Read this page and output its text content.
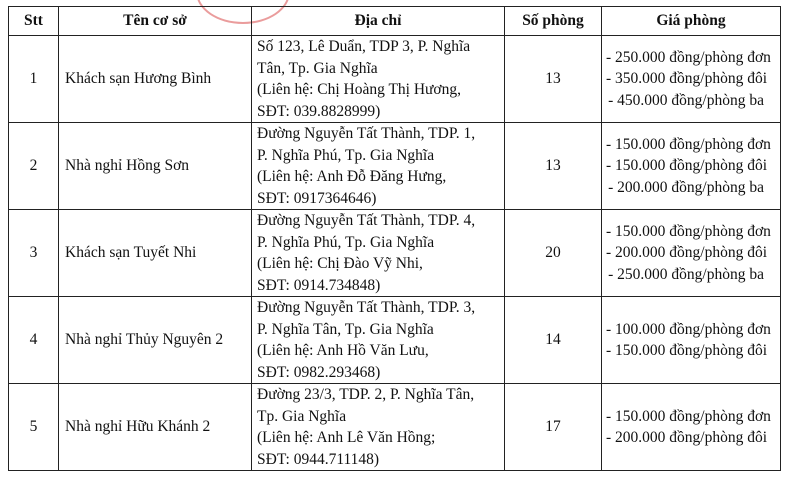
Stt	Tên cơ sở	Địa chỉ	Số phòng	Giá phòng
1	Khách sạn Hương Bình	Số 123, Lê Duẩn, TDP 3, P. Nghĩa
Tân, Tp. Gia Nghĩa
(Liên hệ: Chị Hoàng Thị Hương,
SĐT: 039.8828999)	13	- 250.000 đồng/phòng đơn
- 350.000 đồng/phòng đôi
- 450.000 đồng/phòng ba

2	Nhà nghỉ Hồng Sơn	Đường Nguyễn Tất Thành, TDP. 1,
P. Nghĩa Phú, Tp. Gia Nghĩa
(Liên hệ: Anh Đỗ Đăng Hưng,
SĐT: 0917364646)	13	- 150.000 đồng/phòng đơn
- 150.000 đồng/phòng đôi
- 200.000 đồng/phòng ba

3	Khách sạn Tuyết Nhi	Đường Nguyễn Tất Thành, TDP. 4,
P. Nghĩa Phú, Tp. Gia Nghĩa
(Liên hệ: Chị Đào Vỹ Nhi,
SĐT: 0914.734848)	20	- 150.000 đồng/phòng đơn
- 200.000 đồng/phòng đôi
- 250.000 đồng/phòng ba

4	Nhà nghỉ Thủy Nguyên 2	Đường Nguyễn Tất Thành, TDP. 3,
P. Nghĩa Tân, Tp. Gia Nghĩa
(Liên hệ: Anh Hồ Văn Lưu,
SĐT: 0982.293468)	14	- 100.000 đồng/phòng đơn
- 150.000 đồng/phòng đôi

5	Nhà nghỉ Hữu Khánh 2	Đường 23/3, TDP. 2, P. Nghĩa Tân,
Tp. Gia Nghĩa
(Liên hệ: Anh Lê Văn Hồng;
SĐT: 0944.711148)	17	- 150.000 đồng/phòng đơn
- 200.000 đồng/phòng đôi
